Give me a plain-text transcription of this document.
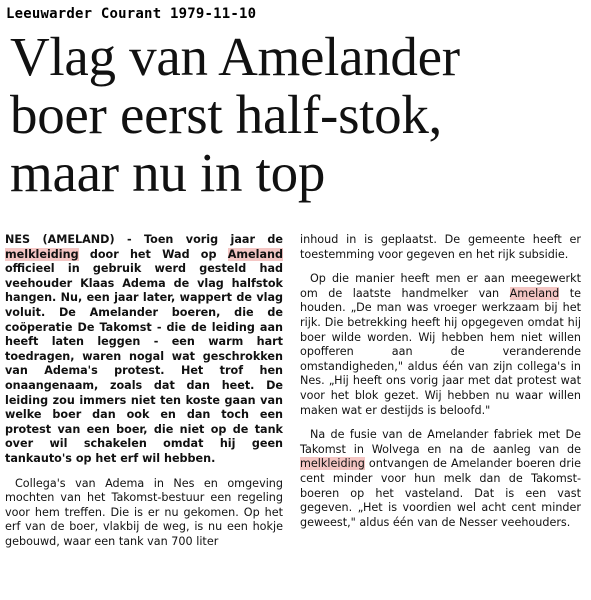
Leeuwarder Courant 1979-11-10
Vlag van Amelander
boer eerst half-stok,
maar nu in top

NES (AMELAND) - Toen vorig jaar de melkleiding door het Wad op Ameland officieel in gebruik werd gesteld had veehouder Klaas Adema de vlag halfstok hangen. Nu, een jaar later, wappert de vlag voluit. De Amelander boeren, die de coöperatie De Takomst - die de leiding aan heeft laten leggen - een warm hart toedragen, waren nogal wat geschrokken van Adema's protest. Het trof hen onaangenaam, zoals dat dan heet. De leiding zou immers niet ten koste gaan van welke boer dan ook en dan toch een protest van een boer, die niet op de tank over wil schakelen omdat hij geen tankauto's op het erf wil hebben.

Collega's van Adema in Nes en omgeving mochten van het Takomst-bestuur een regeling voor hem treffen. Die is er nu gekomen. Op het erf van de boer, vlakbij de weg, is nu een hokje gebouwd, waar een tank van 700 liter

inhoud in is geplaatst. De gemeente heeft er toestemming voor gegeven en het rijk subsidie.

Op die manier heeft men er aan meegewerkt om de laatste handmelker van Ameland te houden. „De man was vroeger werkzaam bij het rijk. Die betrekking heeft hij opgegeven omdat hij boer wilde worden. Wij hebben hem niet willen opofferen aan de veranderende omstandigheden," aldus één van zijn collega's in Nes. „Hij heeft ons vorig jaar met dat protest wat voor het blok gezet. Wij hebben nu waar willen maken wat er destijds is beloofd."

Na de fusie van de Amelander fabriek met De Takomst in Wolvega en na de aanleg van de melkleiding ontvangen de Amelander boeren drie cent minder voor hun melk dan de Takomst-boeren op het vasteland. Dat is een vast gegeven. „Het is voordien wel acht cent minder geweest," aldus één van de Nesser veehouders.
